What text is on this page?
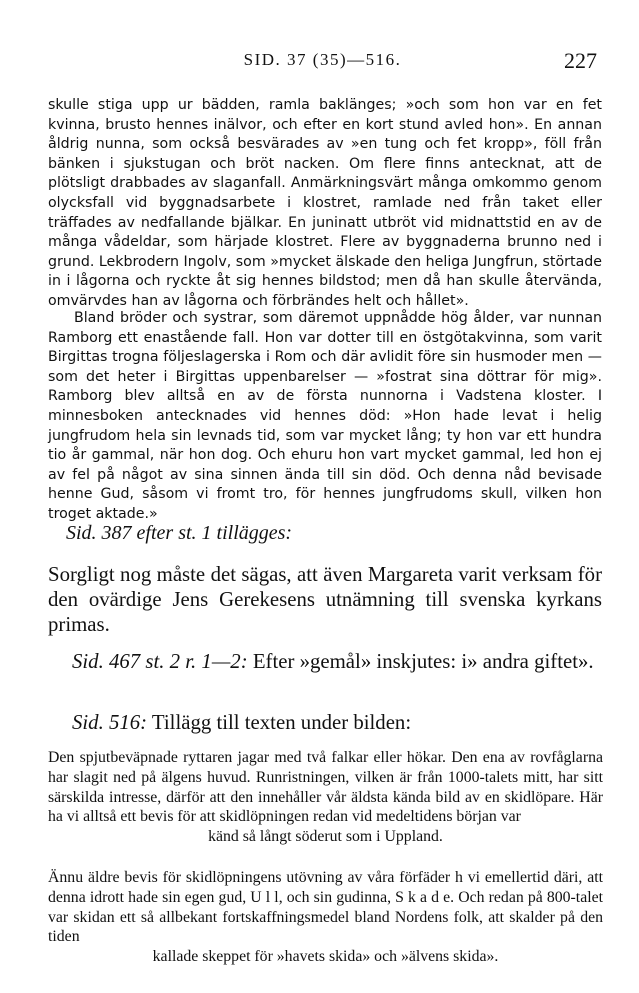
SID. 37 (35)—516.	227

skulle stiga upp ur bädden, ramla baklänges; »och som hon var en fet kvinna, brusto hennes inälvor, och efter en kort stund avled hon». En annan åldrig nunna, som också besvärades av »en tung och fet kropp», föll från bänken i sjukstugan och bröt nacken. Om flere finns antecknat, att de plötsligt drabbades av slaganfall. Anmärkningsvärt många omkommo genom olycksfall vid byggnadsarbete i klostret, ramlade ned från taket eller träffades av nedfallande bjälkar. En juninatt utbröt vid midnattstid en av de många vådeldar, som härjade klostret. Flere av byggnaderna brunno ned i grund. Lekbrodern Ingolv, som »mycket älskade den heliga Jungfrun, störtade in i lågorna och ryckte åt sig hennes bildstod; men då han skulle återvända, omvärvdes han av lågorna och förbrändes helt och hållet».

Bland bröder och systrar, som däremot uppnådde hög ålder, var nunnan Ramborg ett enastående fall. Hon var dotter till en östgötakvinna, som varit Birgittas trogna följeslagerska i Rom och där avlidit före sin husmoder men — som det heter i Birgittas uppenbarelser — »fostrat sina döttrar för mig». Ramborg blev alltså en av de första nunnorna i Vadstena kloster. I minnesboken antecknades vid hennes död: »Hon hade levat i helig jungfrudom hela sin levnads tid, som var mycket lång; ty hon var ett hundra tio år gammal, när hon dog. Och ehuru hon vart mycket gammal, led hon ej av fel på något av sina sinnen ända till sin död. Och denna nåd bevisade henne Gud, såsom vi fromt tro, för hennes jungfrudoms skull, vilken hon troget aktade.»

Sid. 387 efter st. 1 tillägges:

Sorgligt nog måste det sägas, att även Margareta varit verksam för den ovärdige Jens Gerekesens utnämning till svenska kyrkans primas.

Sid. 467 st. 2 r. 1—2: Efter »gemål» inskjutes: i» andra giftet».

Sid. 516: Tillägg till texten under bilden:

Den spjutbeväpnade ryttaren jagar med två falkar eller hökar. Den ena av rovfåglarna har slagit ned på älgens huvud. Runristningen, vilken är från 1000-talets mitt, har sitt särskilda intresse, därför att den innehåller vår äldsta kända bild av en skidlöpare. Här ha vi alltså ett bevis för att skidlöpningen redan vid medeltidens början var
känd så långt söderut som i Uppland.
Ännu äldre bevis för skidlöpningens utövning av våra förfäder h vi emellertid däri, att denna idrott hade sin egen gud, U l l, och sin gudinna, S k a d e. Och redan på 800-talet var skidan ett så allbekant fortskaffningsmedel bland Nordens folk, att skalder på den tiden
kallade skeppet för »havets skida» och »älvens skida».
